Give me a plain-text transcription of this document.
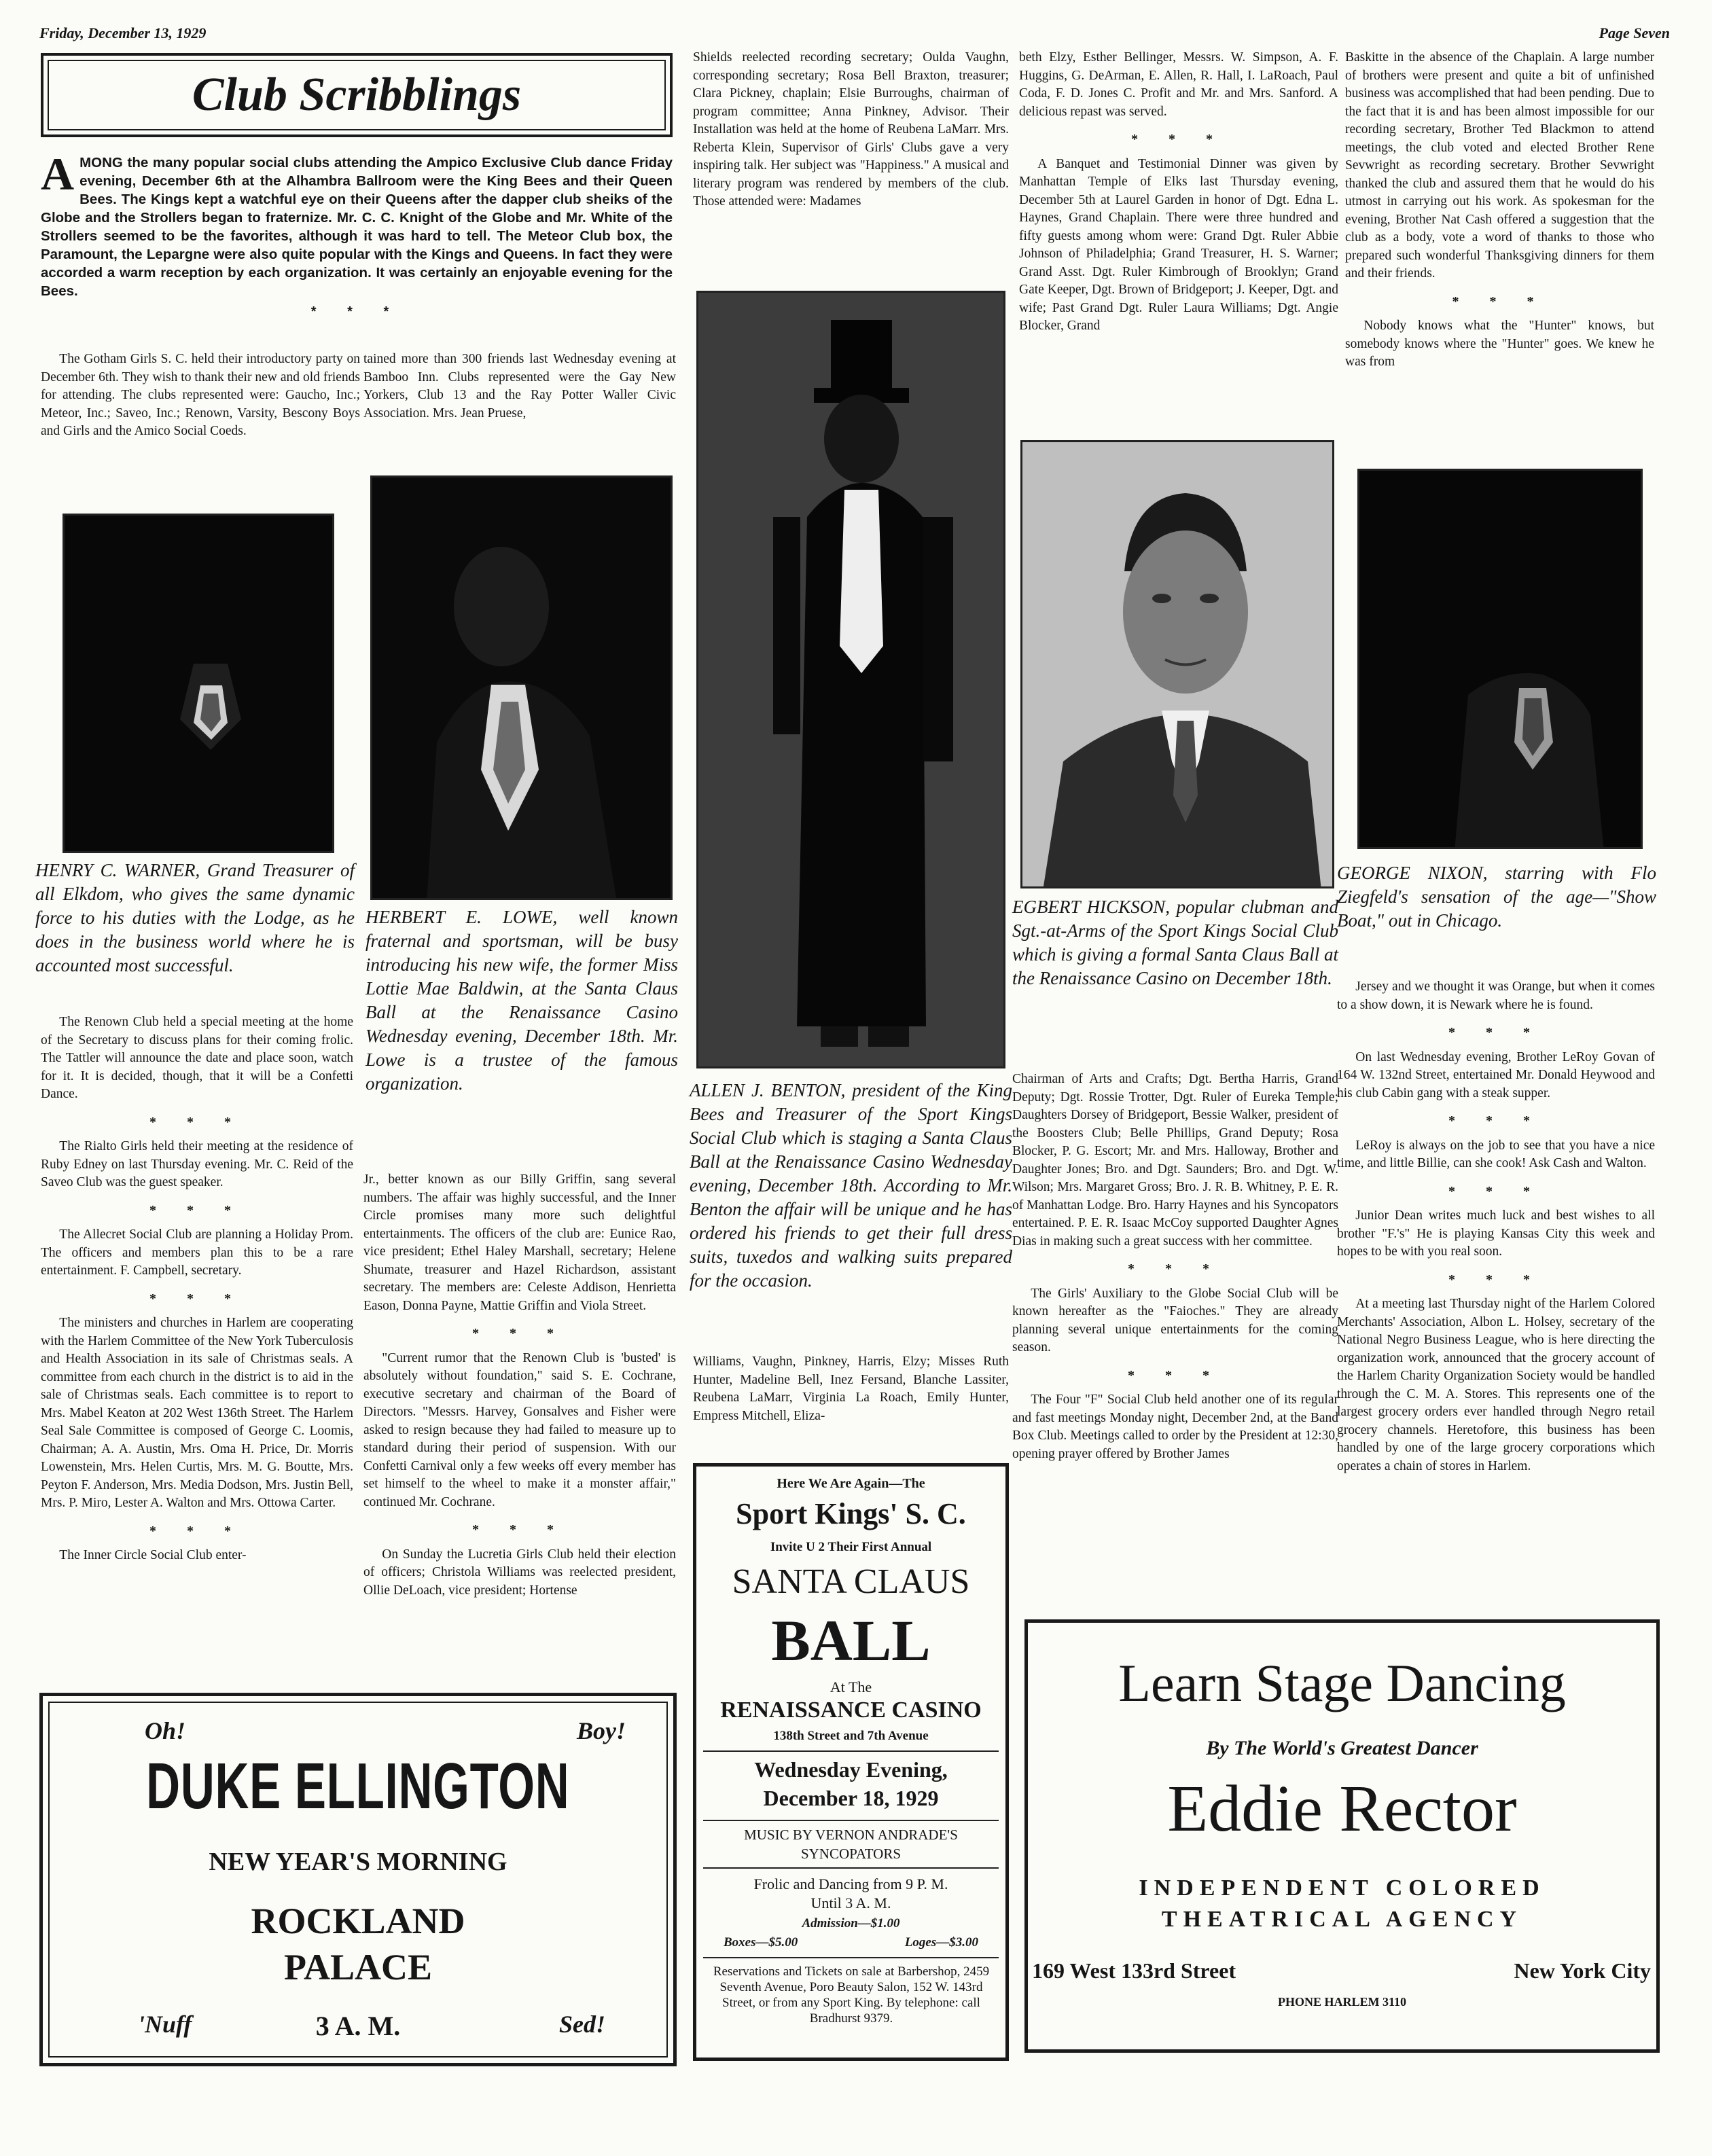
Friday, December 13, 1929	Page Seven
Club Scribblings
A MONG the many popular social clubs attending the Ampico Exclusive Club dance Friday evening, December 6th at the Alhambra Ballroom were the King Bees and their Queen Bees. The Kings kept a watchful eye on their Queens after the dapper club sheiks of the Globe and the Strollers began to fraternize. Mr. C. C. Knight of the Globe and Mr. White of the Strollers seemed to be the favorites, although it was hard to tell. The Meteor Club box, the Paramount, the Lepargne were also quite popular with the Kings and Queens. In fact they were accorded a warm reception by each organization. It was certainly an enjoyable evening for the Bees.
* * *

The Gotham Girls S. C. held their introductory party on December 6th. They wish to thank their new and old friends for attending. The clubs represented were: Gaucho, Inc.; Meteor, Inc.; Saveo, Inc.; Renown, Varsity, Bescony Boys and Girls and the Amico Social Coeds.

tained more than 300 friends last Wednesday evening at Bamboo Inn. Clubs represented were the Gay New Yorkers, Club 13 and the Ray Potter Waller Civic Association. Mrs. Jean Pruese,

HENRY C. WARNER, Grand Treasurer of all Elkdom, who gives the same dynamic force to his duties with the Lodge, as he does in the business world where he is accounted most successful.
HERBERT E. LOWE, well known fraternal and sportsman, will be busy introducing his new wife, the former Miss Lottie Mae Baldwin, at the Santa Claus Ball at the Renaissance Casino Wednesday evening, December 18th. Mr. Lowe is a trustee of the famous organization.

Shields reelected recording secretary; Oulda Vaughn, corresponding secretary; Rosa Bell Braxton, treasurer; Clara Pickney, chaplain; Elsie Burroughs, chairman of program committee; Anna Pinkney, Advisor. Their Installation was held at the home of Reubena LaMarr. Mrs. Reberta Klein, Supervisor of Girls' Clubs gave a very inspiring talk. Her subject was "Happiness." A musical and literary program was rendered by members of the club. Those attended were: Madames

ALLEN J. BENTON, president of the King Bees and Treasurer of the Sport Kings Social Club which is staging a Santa Claus Ball at the Renaissance Casino Wednesday evening, December 18th. According to Mr. Benton the affair will be unique and he has ordered his friends to get their full dress suits, tuxedos and walking suits prepared for the occasion.

Williams, Vaughn, Pinkney, Harris, Elzy; Misses Ruth Hunter, Madeline Bell, Inez Fersand, Blanche Lassiter, Reubena LaMarr, Virginia La Roach, Emily Hunter, Empress Mitchell, Eliza-

beth Elzy, Esther Bellinger, Messrs. W. Simpson, A. F. Huggins, G. DeArman, E. Allen, R. Hall, I. LaRoach, Paul Coda, F. D. Jones C. Profit and Mr. and Mrs. Sanford. A delicious repast was served.

* * *

A Banquet and Testimonial Dinner was given by Manhattan Temple of Elks last Thursday evening, December 5th at Laurel Garden in honor of Dgt. Edna L. Haynes, Grand Chaplain. There were three hundred and fifty guests among whom were: Grand Dgt. Ruler Abbie Johnson of Philadelphia; Grand Treasurer, H. S. Warner; Grand Asst. Dgt. Ruler Kimbrough of Brooklyn; Grand Gate Keeper, Dgt. Brown of Bridgeport; J. Keeper, Dgt. and wife; Past Grand Dgt. Ruler Laura Williams; Dgt. Angie Blocker, Grand

EGBERT HICKSON, popular clubman and Sgt.-at-Arms of the Sport Kings Social Club which is giving a formal Santa Claus Ball at the Renaissance Casino on December 18th.

Chairman of Arts and Crafts; Dgt. Bertha Harris, Grand Deputy; Dgt. Rossie Trotter, Dgt. Ruler of Eureka Temple; Daughters Dorsey of Bridgeport, Bessie Walker, president of the Boosters Club; Belle Phillips, Grand Deputy; Rosa Blocker, P. G. Escort; Mr. and Mrs. Halloway, Brother and Daughter Jones; Bro. and Dgt. Saunders; Bro. and Dgt. W. Wilson; Mrs. Margaret Gross; Bro. J. R. B. Whitney, P. E. R. of Manhattan Lodge. Bro. Harry Haynes and his Syncopators entertained. P. E. R. Isaac McCoy supported Daughter Agnes Dias in making such a great success with her committee.

* * *

The Girls' Auxiliary to the Globe Social Club will be known hereafter as the "Faioches." They are already planning several unique entertainments for the coming season.

* * *

The Four "F" Social Club held another one of its regular and fast meetings Monday night, December 2nd, at the Band Box Club. Meetings called to order by the President at 12:30, opening prayer offered by Brother James

Baskitte in the absence of the Chaplain. A large number of brothers were present and quite a bit of unfinished business was accomplished that had been pending. Due to the fact that it is and has been almost impossible for our recording secretary, Brother Ted Blackmon to attend meetings, the club voted and elected Brother Rene Sevwright as recording secretary. Brother Sevwright thanked the club and assured them that he would do his utmost in carrying out his work. As spokesman for the evening, Brother Nat Cash offered a suggestion that the club as a body, vote a word of thanks to those who prepared such wonderful Thanksgiving dinners for them and their friends.

* * *

Nobody knows what the "Hunter" knows, but somebody knows where the "Hunter" goes. We knew he was from

GEORGE NIXON, starring with Flo Ziegfeld's sensation of the age—"Show Boat," out in Chicago.

Jersey and we thought it was Orange, but when it comes to a show down, it is Newark where he is found.

* * *

On last Wednesday evening, Brother LeRoy Govan of 164 W. 132nd Street, entertained Mr. Donald Heywood and his club Cabin gang with a steak supper.

* * *

LeRoy is always on the job to see that you have a nice time, and little Billie, can she cook! Ask Cash and Walton.

* * *

Junior Dean writes much luck and best wishes to all brother "F.'s" He is playing Kansas City this week and hopes to be with you real soon.

* * *

At a meeting last Thursday night of the Harlem Colored Merchants' Association, Albon L. Holsey, secretary of the National Negro Business League, who is here directing the organization work, announced that the grocery account of the Harlem Charity Organization Society would be handled through the C. M. A. Stores. This represents one of the largest grocery orders ever handled through Negro retail grocery channels. Heretofore, this business has been handled by one of the large grocery corporations which operates a chain of stores in Harlem.

The Renown Club held a special meeting at the home of the Secretary to discuss plans for their coming frolic. The Tattler will announce the date and place soon, watch for it. It is decided, though, that it will be a Confetti Dance.

* * *

The Rialto Girls held their meeting at the residence of Ruby Edney on last Thursday evening. Mr. C. Reid of the Saveo Club was the guest speaker.

* * *

The Allecret Social Club are planning a Holiday Prom. The officers and members plan this to be a rare entertainment. F. Campbell, secretary.

* * *

The ministers and churches in Harlem are cooperating with the Harlem Committee of the New York Tuberculosis and Health Association in its sale of Christmas seals. A committee from each church in the district is to aid in the sale of Christmas seals. Each committee is to report to Mrs. Mabel Keaton at 202 West 136th Street. The Harlem Seal Sale Committee is composed of George C. Loomis, Chairman; A. A. Austin, Mrs. Oma H. Price, Dr. Morris Lowenstein, Mrs. Helen Curtis, Mrs. M. G. Boutte, Mrs. Peyton F. Anderson, Mrs. Media Dodson, Mrs. Justin Bell, Mrs. P. Miro, Lester A. Walton and Mrs. Ottowa Carter.

* * *

The Inner Circle Social Club enter-

Jr., better known as our Billy Griffin, sang several numbers. The affair was highly successful, and the Inner Circle promises many more such delightful entertainments. The officers of the club are: Eunice Rao, vice president; Ethel Haley Marshall, secretary; Helene Shumate, treasurer and Hazel Richardson, assistant secretary. The members are: Celeste Addison, Henrietta Eason, Donna Payne, Mattie Griffin and Viola Street.

* * *

"Current rumor that the Renown Club is 'busted' is absolutely without foundation," said S. E. Cochrane, executive secretary and chairman of the Board of Directors. "Messrs. Harvey, Gonsalves and Fisher were asked to resign because they had failed to measure up to standard during their period of suspension. With our Confetti Carnival only a few weeks off every member has set himself to the wheel to make it a monster affair," continued Mr. Cochrane.

* * *

On Sunday the Lucretia Girls Club held their election of officers; Christola Williams was reelected president, Ollie DeLoach, vice president; Hortense

Oh!	Boy!
DUKE ELLINGTON
NEW YEAR'S MORNING
ROCKLAND
PALACE
'Nuff	3 A. M.	Sed!
Here We Are Again—The
Sport Kings' S. C.
Invite U 2 Their First Annual
SANTA CLAUS
BALL
At The
RENAISSANCE CASINO
138th Street and 7th Avenue
Wednesday Evening,
December 18, 1929
MUSIC BY VERNON ANDRADE'S
SYNCOPATORS
Frolic and Dancing from 9 P. M.
Until 3 A. M.
Admission—$1.00
Boxes—$5.00	Loges—$3.00
Reservations and Tickets on sale at Barbershop, 2459 Seventh Avenue, Poro Beauty Salon, 152 W. 143rd Street, or from any Sport King. By telephone: call Bradhurst 9379.
Learn Stage Dancing
By The World's Greatest Dancer
Eddie Rector
INDEPENDENT COLORED
THEATRICAL AGENCY
169 West 133rd Street	New York City
PHONE HARLEM 3110
